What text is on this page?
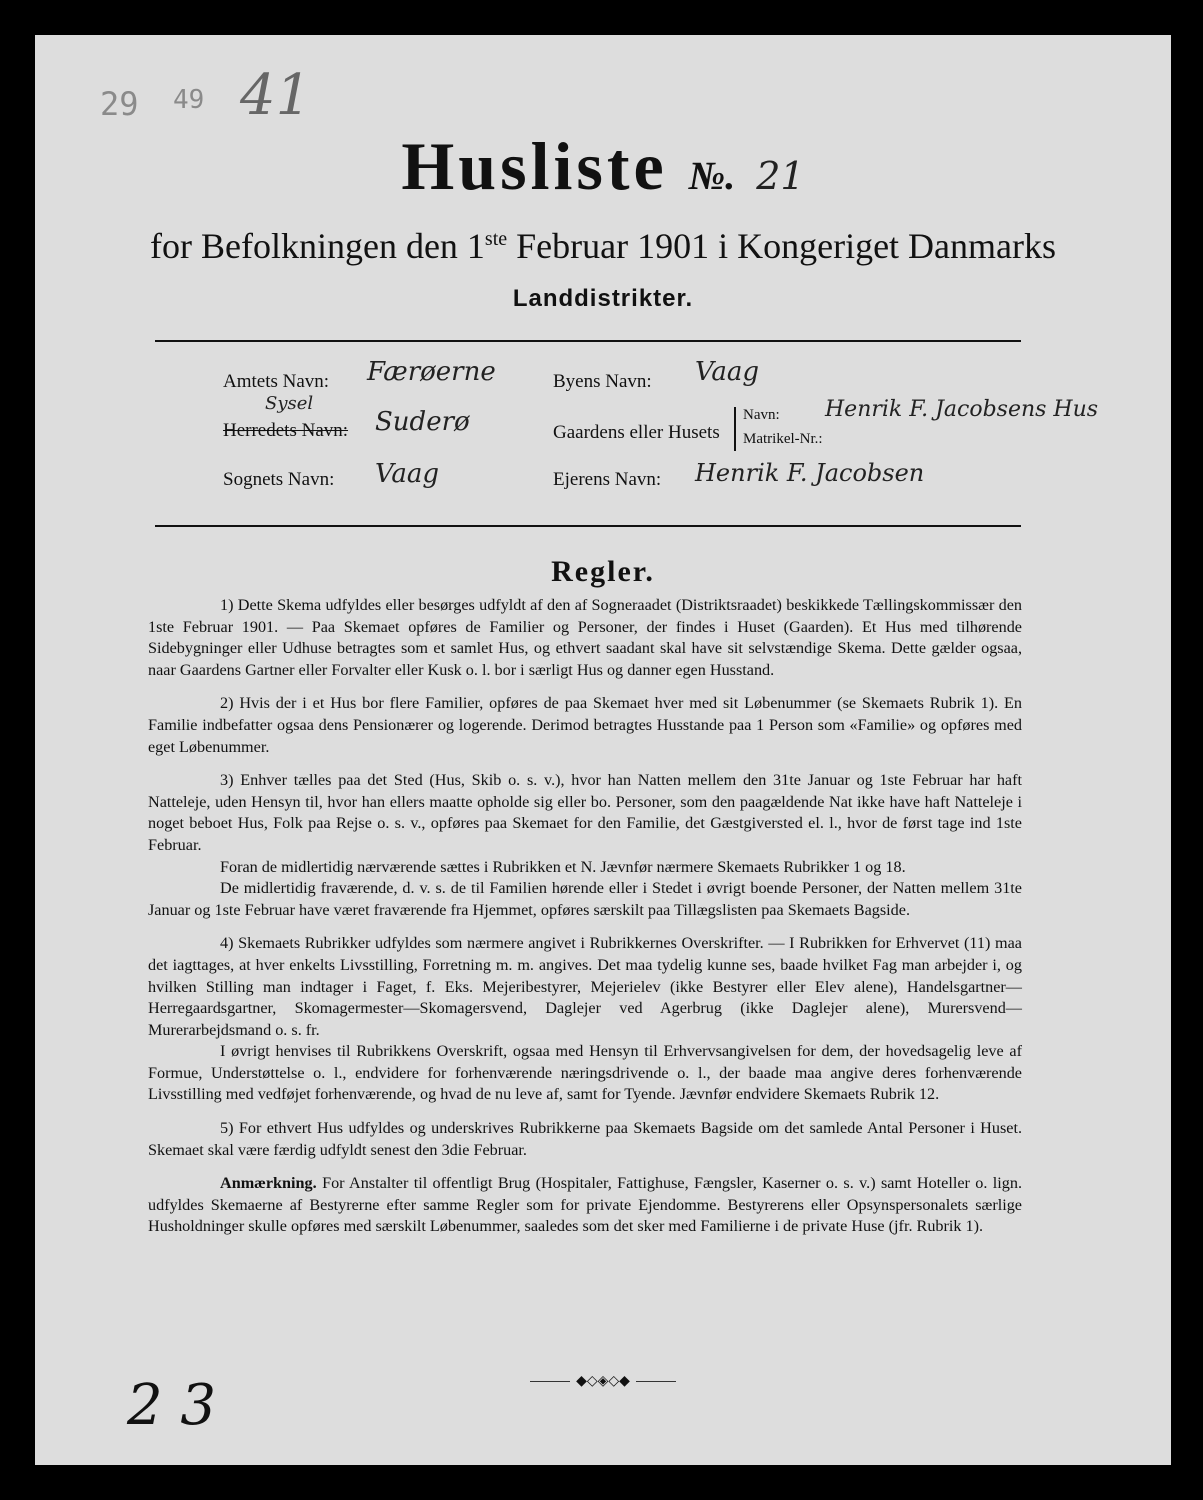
29 49 41
Husliste №. 21
for Befolkningen den 1ste Februar 1901 i Kongeriget Danmarks
Landdistrikter.
Amtets Navn: Færøerne
Sysel
Herredets Navn: Suderø
Sognets Navn: Vaag
Byens Navn: Vaag
Gaardens eller Husets
Navn: Henrik F. Jacobsens Hus
Matrikel-Nr.:
Ejerens Navn: Henrik F. Jacobsen
Regler.

1) Dette Skema udfyldes eller besørges udfyldt af den af Sogneraadet (Distriktsraadet) beskikkede Tællingskommissær den 1ste Februar 1901. — Paa Skemaet opføres de Familier og Personer, der findes i Huset (Gaarden). Et Hus med tilhørende Sidebygninger eller Udhuse betragtes som et samlet Hus, og ethvert saadant skal have sit selvstændige Skema. Dette gælder ogsaa, naar Gaardens Gartner eller Forvalter eller Kusk o. l. bor i særligt Hus og danner egen Husstand.

2) Hvis der i et Hus bor flere Familier, opføres de paa Skemaet hver med sit Løbenummer (se Skemaets Rubrik 1). En Familie indbefatter ogsaa dens Pensionærer og logerende. Derimod betragtes Husstande paa 1 Person som «Familie» og opføres med eget Løbenummer.

3) Enhver tælles paa det Sted (Hus, Skib o. s. v.), hvor han Natten mellem den 31te Januar og 1ste Februar har haft Natteleje, uden Hensyn til, hvor han ellers maatte opholde sig eller bo. Personer, som den paagældende Nat ikke have haft Natteleje i noget beboet Hus, Folk paa Rejse o. s. v., opføres paa Skemaet for den Familie, det Gæstgiversted el. l., hvor de først tage ind 1ste Februar.

Foran de midlertidig nærværende sættes i Rubrikken et N. Jævnfør nærmere Skemaets Rubrikker 1 og 18.

De midlertidig fraværende, d. v. s. de til Familien hørende eller i Stedet i øvrigt boende Personer, der Natten mellem 31te Januar og 1ste Februar have været fraværende fra Hjemmet, opføres særskilt paa Tillægslisten paa Skemaets Bagside.

4) Skemaets Rubrikker udfyldes som nærmere angivet i Rubrikkernes Overskrifter. — I Rubrikken for Erhvervet (11) maa det iagttages, at hver enkelts Livsstilling, Forretning m. m. angives. Det maa tydelig kunne ses, baade hvilket Fag man arbejder i, og hvilken Stilling man indtager i Faget, f. Eks. Mejeribestyrer, Mejerielev (ikke Bestyrer eller Elev alene), Handelsgartner—Herregaardsgartner, Skomagermester—Skomagersvend, Daglejer ved Agerbrug (ikke Daglejer alene), Murersvend—Murerarbejdsmand o. s. fr.

I øvrigt henvises til Rubrikkens Overskrift, ogsaa med Hensyn til Erhvervsangivelsen for dem, der hovedsagelig leve af Formue, Understøttelse o. l., endvidere for forhenværende næringsdrivende o. l., der baade maa angive deres forhenværende Livsstilling med vedføjet forhenværende, og hvad de nu leve af, samt for Tyende. Jævnfør endvidere Skemaets Rubrik 12.

5) For ethvert Hus udfyldes og underskrives Rubrikkerne paa Skemaets Bagside om det samlede Antal Personer i Huset. Skemaet skal være færdig udfyldt senest den 3die Februar.

Anmærkning. For Anstalter til offentligt Brug (Hospitaler, Fattighuse, Fængsler, Kaserner o. s. v.) samt Hoteller o. lign. udfyldes Skemaerne af Bestyrerne efter samme Regler som for private Ejendomme. Bestyrerens eller Opsynspersonalets særlige Husholdninger skulle opføres med særskilt Løbenummer, saaledes som det sker med Familierne i de private Huse (jfr. Rubrik 1).

◆◇◈◇◆
2 3
